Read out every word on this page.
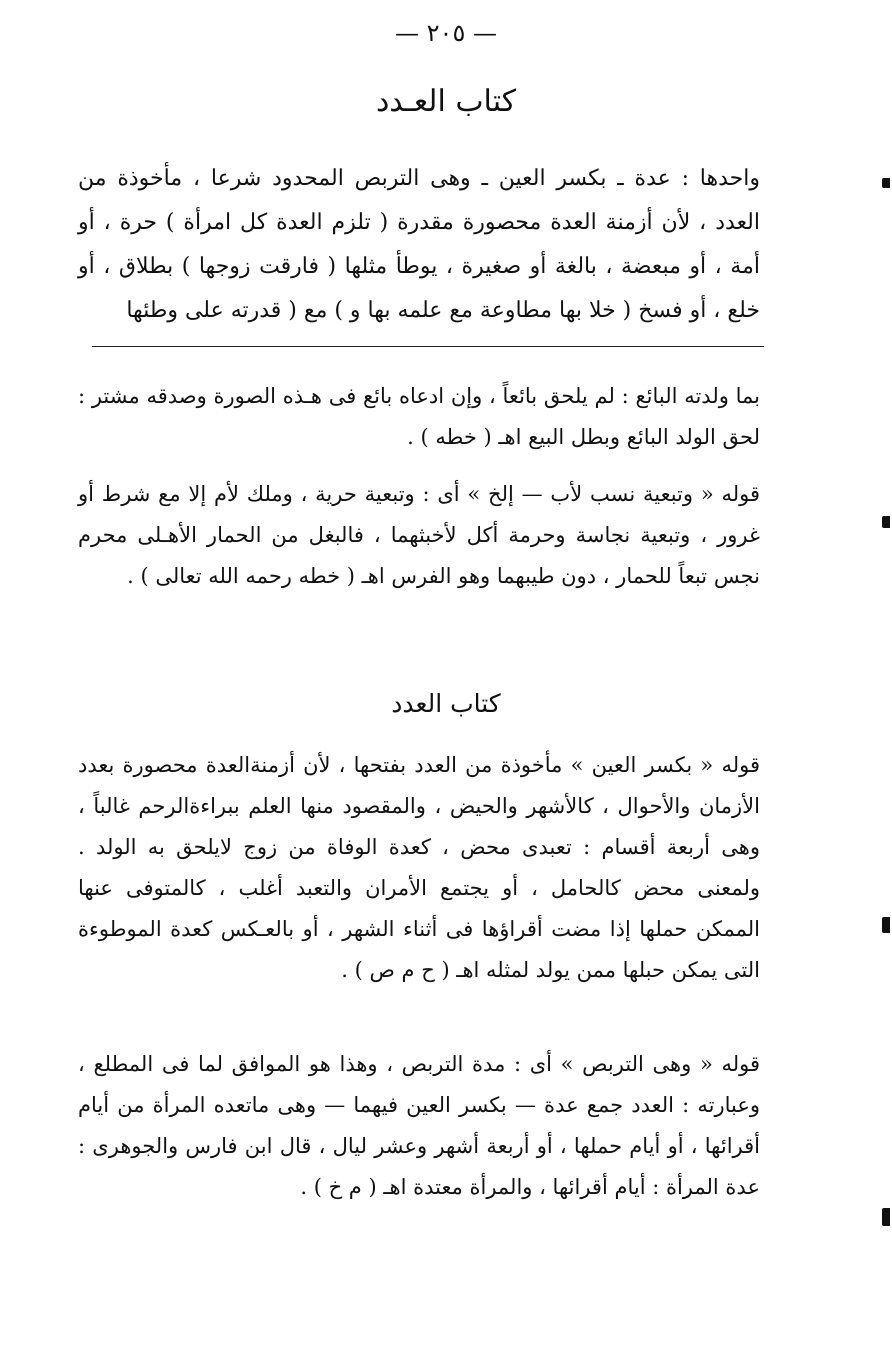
— ٢٠٥ —
كتاب العـدد

واحدها : عدة ـ بكسر العين ـ وهى التربص المحدود شرعا ، مأخوذة من العدد ، لأن أزمنة العدة محصورة مقدرة ( تلزم العدة كل امرأة ) حرة ، أو أمة ، أو مبعضة ، بالغة أو صغيرة ، يوطأ مثلها ( فارقت زوجها ) بطلاق ، أو خلع ، أو فسخ ( خلا بها مطاوعة مع علمه بها و ) مع ( قدرته على وطئها

بما ولدته البائع : لم يلحق بائعاً ، وإن ادعاه بائع فى هـذه الصورة وصدقه مشتر : لحق الولد البائع وبطل البيع اهـ ( خطه ) .

قوله « وتبعية نسب لأب — إلخ » أى : وتبعية حرية ، وملك لأم إلا مع شرط أو غرور ، وتبعية نجاسة وحرمة أكل لأخبثهما ، فالبغل من الحمار الأهـلى محرم نجس تبعاً للحمار ، دون طيبهما وهو الفرس اهـ ( خطه رحمه الله تعالى ) .

كتاب العدد

قوله « بكسر العين » مأخوذة من العدد بفتحها ، لأن أزمنةالعدة محصورة بعدد الأزمان والأحوال ، كالأشهر والحيض ، والمقصود منها العلم ببراءةالرحم غالباً ، وهى أربعة أقسام : تعبدى محض ، كعدة الوفاة من زوج لايلحق به الولد . ولمعنى محض كالحامل ، أو يجتمع الأمران والتعبد أغلب ، كالمتوفى عنها الممكن حملها إذا مضت أقراؤها فى أثناء الشهر ، أو بالعـكس كعدة الموطوءة التى يمكن حبلها ممن يولد لمثله اهـ ( ح م ص ) .

قوله « وهى التربص » أى : مدة التربص ، وهذا هو الموافق لما فى المطلع ، وعبارته : العدد جمع عدة — بكسر العين فيهما — وهى ماتعده المرأة من أيام أقرائها ، أو أيام حملها ، أو أربعة أشهر وعشر ليال ، قال ابن فارس والجوهرى : عدة المرأة : أيام أقرائها ، والمرأة معتدة اهـ ( م خ ) .
